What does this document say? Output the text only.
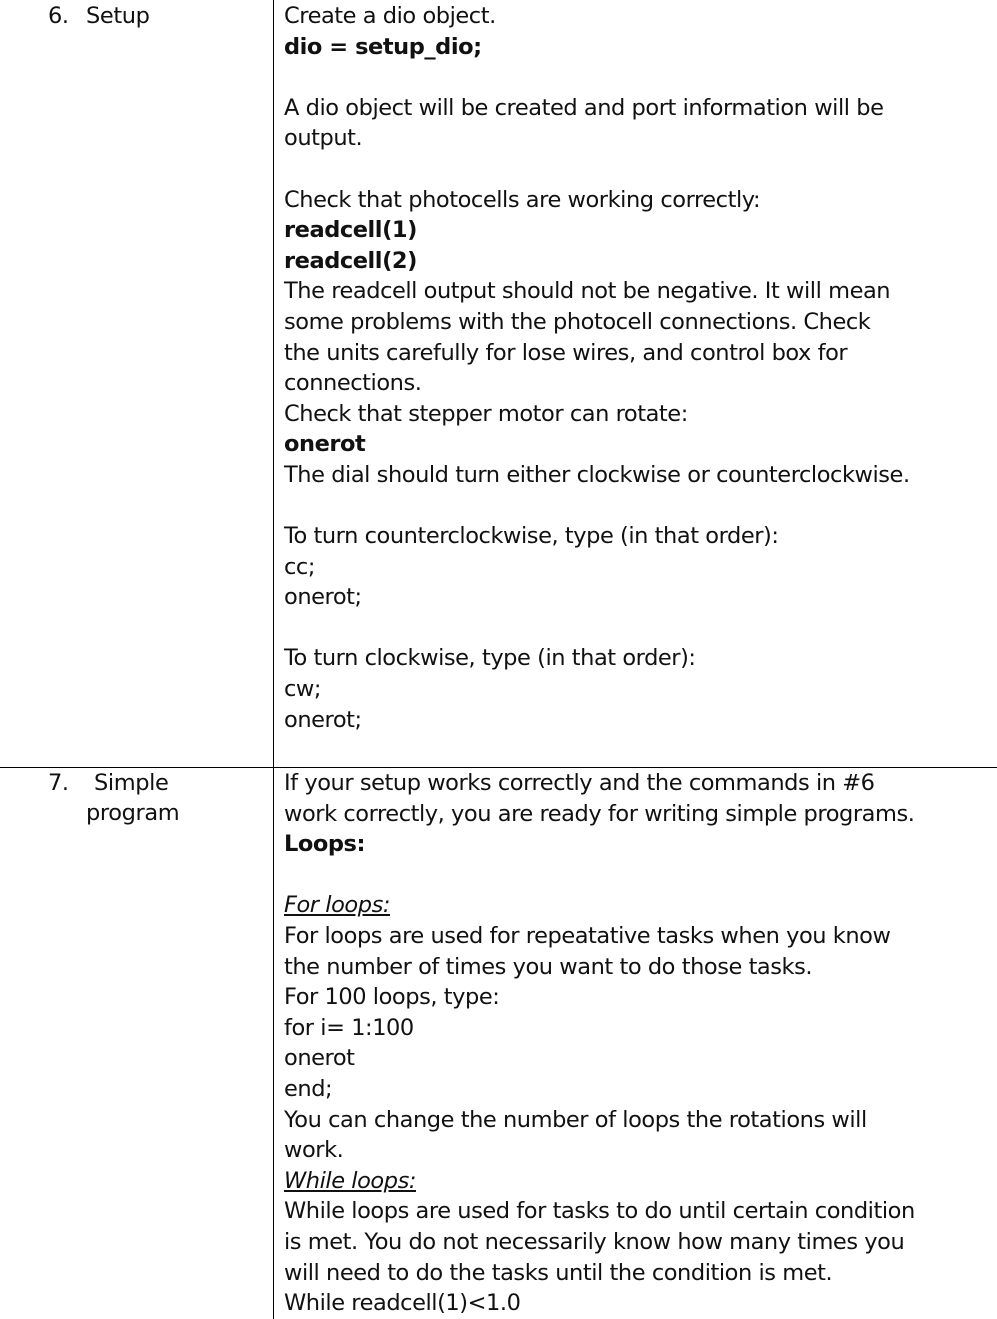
6. Setup	Create a dio object.
dio = setup_dio;
A dio object will be created and port information will be
output.
Check that photocells are working correctly:
readcell(1)
readcell(2)
The readcell output should not be negative. It will mean
some problems with the photocell connections. Check
the units carefully for lose wires, and control box for
connections.
Check that stepper motor can rotate:
onerot
The dial should turn either clockwise or counterclockwise.
To turn counterclockwise, type (in that order):
cc;
onerot;
To turn clockwise, type (in that order):
cw;
onerot;
7. Simple
program
If your setup works correctly and the commands in #6
work correctly, you are ready for writing simple programs.
Loops:
For loops:
For loops are used for repeatative tasks when you know
the number of times you want to do those tasks.
For 100 loops, type:
for i= 1:100
onerot
end;
You can change the number of loops the rotations will
work.
While loops:
While loops are used for tasks to do until certain condition
is met. You do not necessarily know how many times you
will need to do the tasks until the condition is met.
While readcell(1)<1.0
